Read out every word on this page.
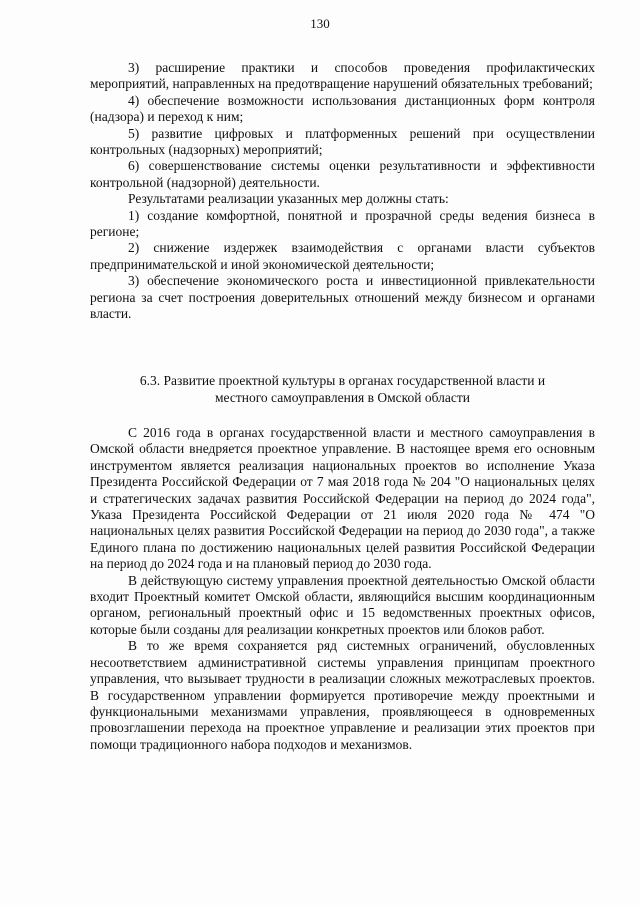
130

3) расширение практики и способов проведения профилактических мероприятий, направленных на предотвращение нарушений обязательных требований;

4) обеспечение возможности использования дистанционных форм контроля (надзора) и переход к ним;

5) развитие цифровых и платформенных решений при осуществлении контрольных (надзорных) мероприятий;

6) совершенствование системы оценки результативности и эффективности контрольной (надзорной) деятельности.

Результатами реализации указанных мер должны стать:

1) создание комфортной, понятной и прозрачной среды ведения бизнеса в регионе;

2) снижение издержек взаимодействия с органами власти субъектов предпринимательской и иной экономической деятельности;

3) обеспечение экономического роста и инвестиционной привлекательности региона за счет построения доверительных отношений между бизнесом и органами власти.

6.3. Развитие проектной культуры в органах государственной власти и
местного самоуправления в Омской области

С 2016 года в органах государственной власти и местного самоуправления в Омской области внедряется проектное управление. В настоящее время его основным инструментом является реализация национальных проектов во исполнение Указа Президента Российской Федерации от 7 мая 2018 года № 204 "О национальных целях и стратегических задачах развития Российской Федерации на период до 2024 года", Указа Президента Российской Федерации от 21 июля 2020 года № 474 "О национальных целях развития Российской Федерации на период до 2030 года", а также Единого плана по достижению национальных целей развития Российской Федерации на период до 2024 года и на плановый период до 2030 года.

В действующую систему управления проектной деятельностью Омской области входит Проектный комитет Омской области, являющийся высшим координационным органом, региональный проектный офис и 15 ведомственных проектных офисов, которые были созданы для реализации конкретных проектов или блоков работ.

В то же время сохраняется ряд системных ограничений, обусловленных несоответствием административной системы управления принципам проектного управления, что вызывает трудности в реализации сложных межотраслевых проектов. В государственном управлении формируется противоречие между проектными и функциональными механизмами управления, проявляющееся в одновременных провозглашении перехода на проектное управление и реализации этих проектов при помощи традиционного набора подходов и механизмов.
